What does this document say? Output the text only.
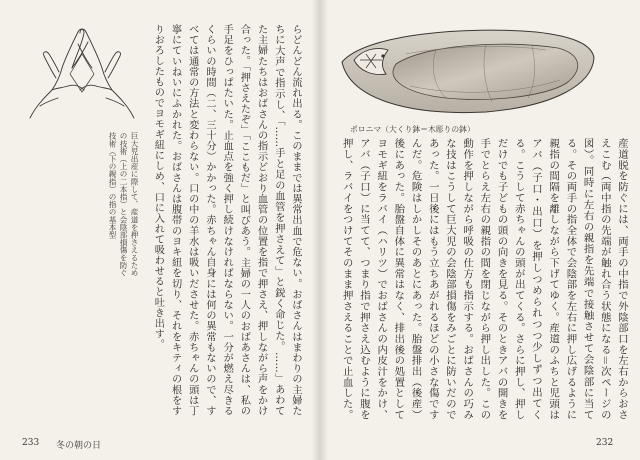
巨大児出産に際して、産道を押さえるための技術（上の二本指）と会陰部損傷を防ぐ技術（下の親指）の指の基本型	らどんどん流れ出る。このままでは異常出血で危ない。おばさんはまわりの主婦たちに大声で指示し、「……手と足の血管を押さえて」と鋭く命じた。……」あわてた主婦たちはおばさんの指示どおり血管の位置を指で押さえ、押しながら声をかけ合った。「押さえたぞ」「ここもだ」と叫びあう。主婦の一人のおばあさんは、私の手足をひっぱたいた。止血点を強く押し続けなければならない。一分が燃え尽きるくらいの時間（二、三十分）かかった。赤ちゃん自身には何の異常もないので、すべては通常の方法と変わらない。口の中の羊水は吸いださせた。赤ちゃんの頭は丁寧にていねいにふかれた。おばさんは腹帯のヨキ紐を切り、それをキティの根をすりおろしたものでヨモギ紐にしめ、口に入れて吸わせると吐き出す。

233 冬の朝の日
ポロニマ（大くり鉢＝木彫りの鉢）

産道脱を防ぐには、両手の中指で外陰部口を左右からおさえこむ（両中指の先端が触れ合う状態になる＝次ページの図）。同時に左右の親指を先端で接触させて会陰部に当てる。その両手の指全体で会陰部を左右に押し広げるように親指の間隔を離しながら下げてゆく。産道のふちと児頭はアバ（子口・出口）を押しつめられつつ少しずつ出てくる。こうして赤ちゃんの頭が出てくる。さらに押し、押しだけでも子どもの頭の向きを見る。そのときアバの開きを手でとらえ左右の親指の間を閉じながら押し出した。この動作を押しながら呼吸の仕方も指示する。おばさんの巧みな技はこうして巨大児の会陰部損傷をみごとに防いだのであった。一日後にはもう立ちあがれるほどの小さな傷ですんだ。危険はしかしそのあとにあった。胎盤排出（後産）後にあった。胎盤自体に異常はなく、排出後の処置としてヨモギ紐をラバイ（ハリツ）でおばさんの内皮汁をかけ、アバ（子口）に当てて、つまり指で押さえ込むように腹を押し、ラバイをつけてそのまま押さえることで止血した。

232
